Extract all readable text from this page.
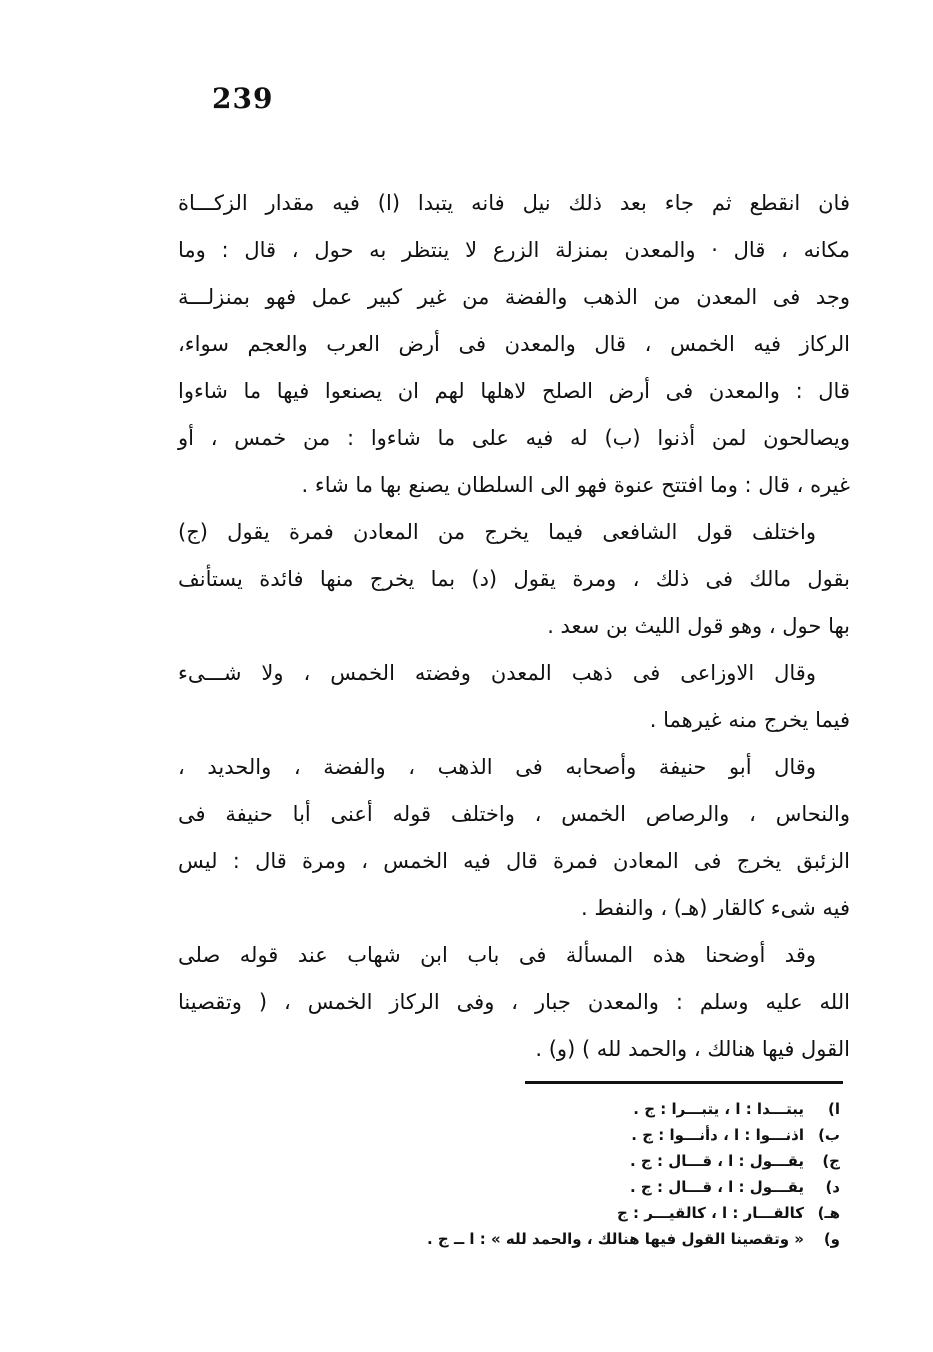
239

فان انقطع ثم جاء بعد ذلك نيل فانه يتبدا (ا) فيه مقدار الزكـــاة

مكانه ، قال · والمعدن بمنزلة الزرع لا ينتظر به حول ، قال : وما

وجد فى المعدن من الذهب والفضة من غير كبير عمل فهو بمنزلـــة

الركاز فيه الخمس ، قال والمعدن فى أرض العرب والعجم سواء،

قال : والمعدن فى أرض الصلح لاهلها لهم ان يصنعوا فيها ما شاءوا

ويصالحون لمن أذنوا (ب) له فيه على ما شاءوا : من خمس ، أو

غيره ، قال : وما افتتح عنوة فهو الى السلطان يصنع بها ما شاء .

واختلف قول الشافعى فيما يخرج من المعادن فمرة يقول (ج)

بقول مالك فى ذلك ، ومرة يقول (د) بما يخرج منها فائدة يستأنف

بها حول ، وهو قول الليث بن سعد .

وقال الاوزاعى فى ذهب المعدن وفضته الخمس ، ولا شـــىء

فيما يخرج منه غيرهما .

وقال أبو حنيفة وأصحابه فى الذهب ، والفضة ، والحديد ،

والنحاس ، والرصاص الخمس ، واختلف قوله أعنى أبا حنيفة فى

الزئبق يخرج فى المعادن فمرة قال فيه الخمس ، ومرة قال : ليس

فيه شىء كالقار (هـ) ، والنفط .

وقد أوضحنا هذه المسألة فى باب ابن شهاب عند قوله صلى

الله عليه وسلم : والمعدن جبار ، وفى الركاز الخمس ، ( وتقصينا

القول فيها هنالك ، والحمد لله ) (و) .

ا)
يبتـــدا : ا ، يتبـــرا : ج .
ب)
اذنـــوا : ا ، دأنـــوا : ج .
ج)
يقـــول : ا ، قـــال : ج .
د)
يقـــول : ا ، قـــال : ج .
هـ)
كالقـــار : ا ، كالقيـــر : ج
و)
« وتقصينا القول فيها هنالك ، والحمد لله » : ا ــ ج .
